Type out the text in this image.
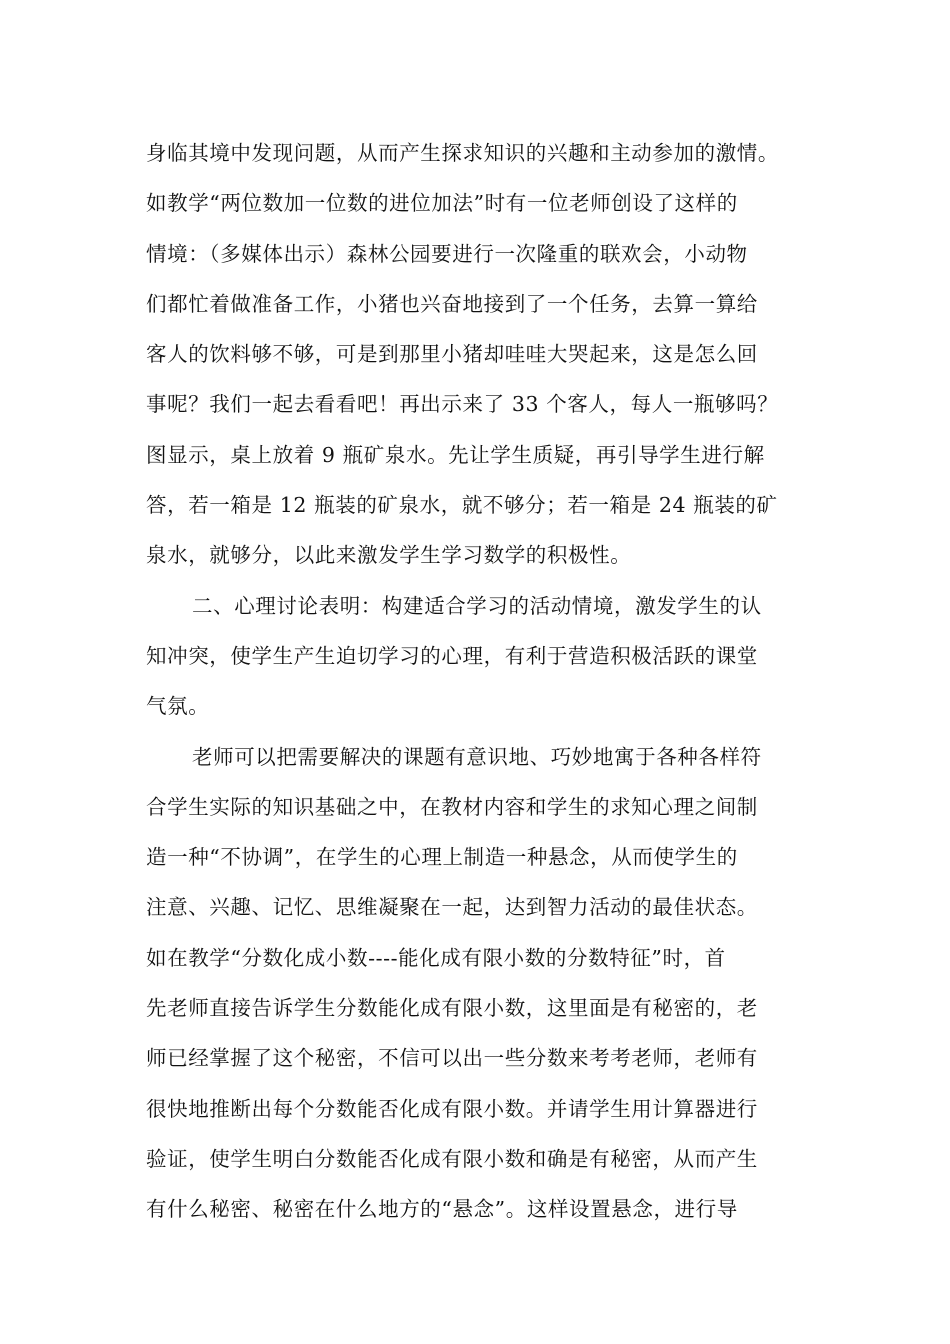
身临其境中发现问题，从而产生探求知识的兴趣和主动参加的激情。
如教学“两位数加一位数的进位加法”时有一位老师创设了这样的
情境：（多媒体出示）森林公园要进行一次隆重的联欢会，小动物
们都忙着做准备工作，小猪也兴奋地接到了一个任务，去算一算给
客人的饮料够不够，可是到那里小猪却哇哇大哭起来，这是怎么回
事呢？我们一起去看看吧！再出示来了 33 个客人，每人一瓶够吗？
图显示，桌上放着 9 瓶矿泉水。先让学生质疑，再引导学生进行解
答，若一箱是 12 瓶装的矿泉水，就不够分；若一箱是 24 瓶装的矿
泉水，就够分，以此来激发学生学习数学的积极性。
二、心理讨论表明：构建适合学习的活动情境，激发学生的认
知冲突，使学生产生迫切学习的心理，有利于营造积极活跃的课堂
气氛。
老师可以把需要解决的课题有意识地、巧妙地寓于各种各样符
合学生实际的知识基础之中，在教材内容和学生的求知心理之间制
造一种“不协调”，在学生的心理上制造一种悬念，从而使学生的
注意、兴趣、记忆、思维凝聚在一起，达到智力活动的最佳状态。
如在教学“分数化成小数----能化成有限小数的分数特征”时，首
先老师直接告诉学生分数能化成有限小数，这里面是有秘密的，老
师已经掌握了这个秘密，不信可以出一些分数来考考老师，老师有
很快地推断出每个分数能否化成有限小数。并请学生用计算器进行
验证，使学生明白分数能否化成有限小数和确是有秘密，从而产生
有什么秘密、秘密在什么地方的“悬念”。这样设置悬念，进行导
